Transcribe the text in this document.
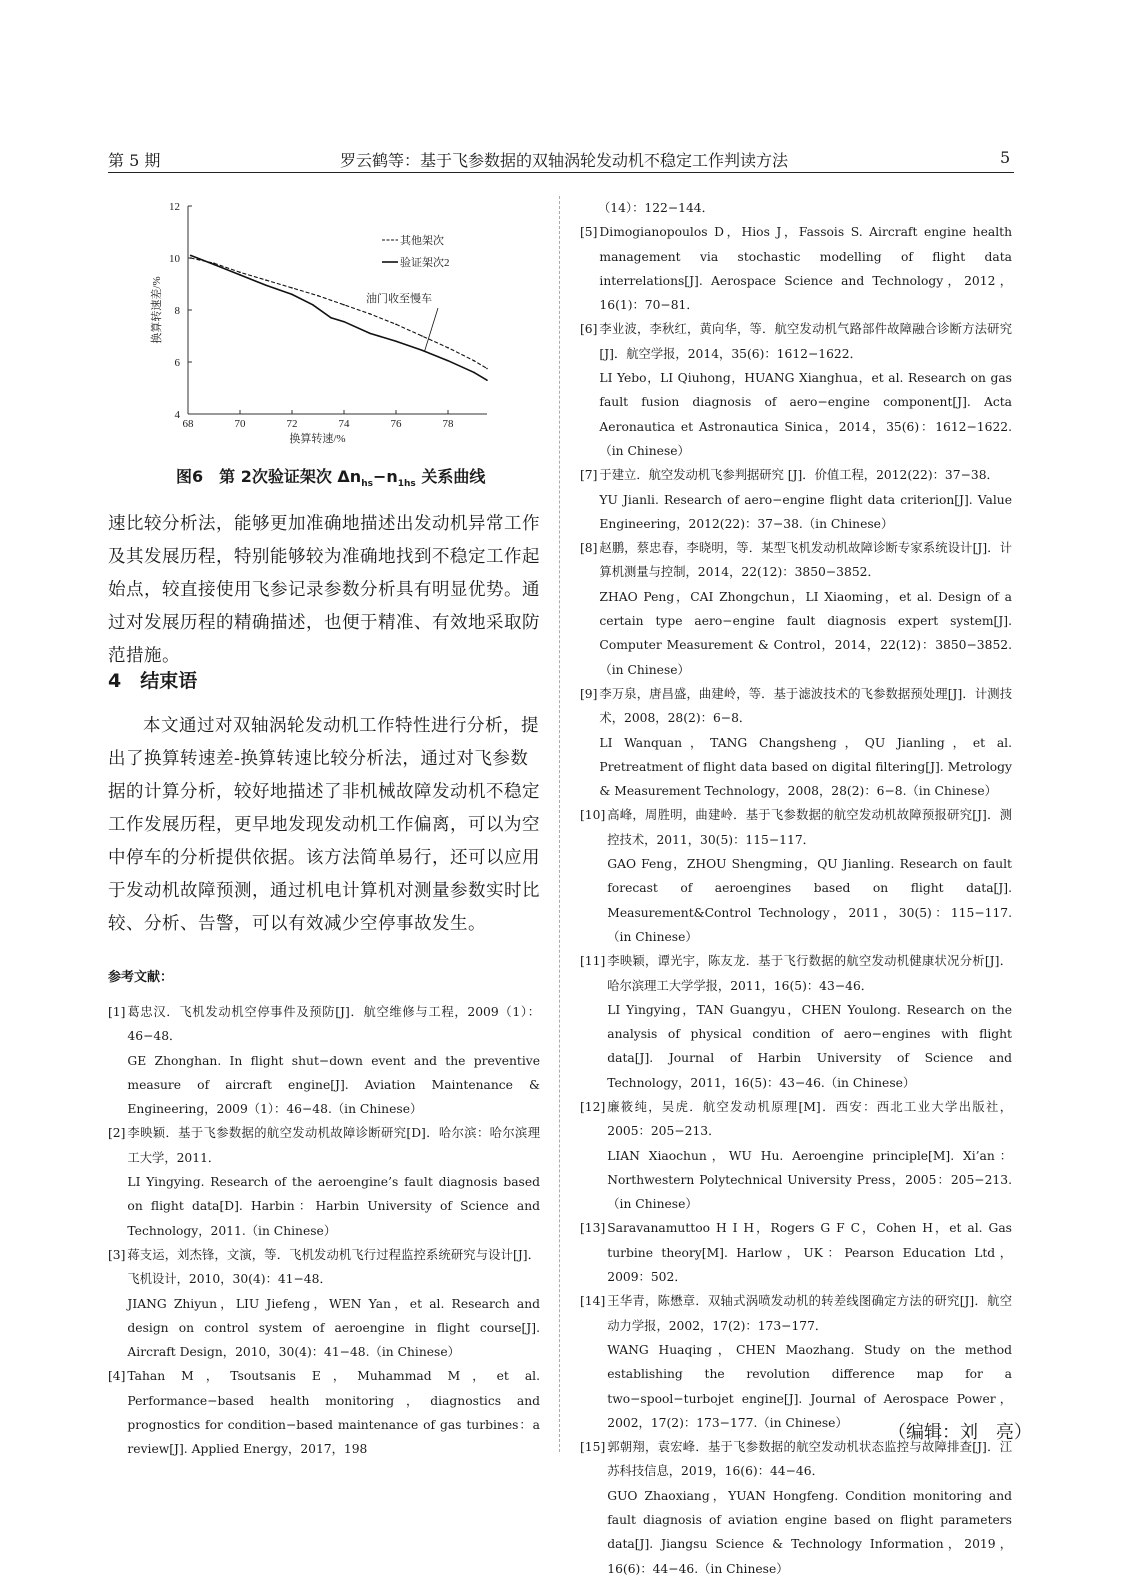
第 5 期	罗云鹤等：基于飞参数据的双轴涡轮发动机不稳定工作判读方法	5
68	70	72	74	76	78
4
6
8
10
12
换算转速/%
换算转速差/%
其他架次
验证架次2
油门收至慢车
图6　第 2次验证架次 $\Delta n_{hs}-n_{1hs}$ 关系曲线
速比较分析法，能够更加准确地描述出发动机异常工作及其发展历程，特别能够较为准确地找到不稳定工作起始点，较直接使用飞参记录参数分析具有明显优势。通过对发展历程的精确描述，也便于精准、有效地采取防范措施。
4　结束语
本文通过对双轴涡轮发动机工作特性进行分析，提出了换算转速差-换算转速比较分析法，通过对飞参数据的计算分析，较好地描述了非机械故障发动机不稳定工作发展历程，更早地发现发动机工作偏离，可以为空中停车的分析提供依据。该方法简单易行，还可以应用于发动机故障预测，通过机电计算机对测量参数实时比较、分析、告警，可以有效减少空停事故发生。
参考文献：
[1] 葛忠汉．飞机发动机空停事件及预防[J]．航空维修与工程，2009（1）：46−48．
GE Zhonghan. In flight shut−down event and the preventive measure of aircraft engine[J]. Aviation Maintenance & Engineering，2009（1）：46−48.（in Chinese）
[2] 李映颖．基于飞参数据的航空发动机故障诊断研究[D]．哈尔滨：哈尔滨理工大学，2011．
LI Yingying. Research of the aeroengine’s fault diagnosis based on flight data[D]. Harbin：Harbin University of Science and Technology，2011.（in Chinese）
[3] 蒋支运，刘杰锋，文演，等．飞机发动机飞行过程监控系统研究与设计[J]．飞机设计，2010，30(4)：41−48．
JIANG Zhiyun，LIU Jiefeng，WEN Yan，et al. Research and design on control system of aeroengine in flight course[J]. Aircraft Design，2010，30(4)：41−48.（in Chinese）
[4] Tahan M，Tsoutsanis E，Muhammad M，et al. Performance−based health monitoring，diagnostics and prognostics for condition−based maintenance of gas turbines：a review[J]. Applied Energy，2017，198
（14）：122−144．
[5] Dimogianopoulos D，Hios J，Fassois S. Aircraft engine health management via stochastic modelling of flight data interrelations[J]. Aerospace Science and Technology，2012，16(1)：70−81．
[6] 李业波，李秋红，黄向华，等．航空发动机气路部件故障融合诊断方法研究[J]．航空学报，2014，35(6)：1612−1622．
LI Yebo，LI Qiuhong，HUANG Xianghua，et al. Research on gas fault fusion diagnosis of aero−engine component[J]. Acta Aeronautica et Astronautica Sinica，2014，35(6)：1612−1622.（in Chinese）
[7] 于建立．航空发动机飞参判据研究 [J]．价值工程，2012(22)：37−38．
YU Jianli. Research of aero−engine flight data criterion[J]. Value Engineering，2012(22)：37−38.（in Chinese）
[8] 赵鹏，蔡忠春，李晓明，等．某型飞机发动机故障诊断专家系统设计[J]．计算机测量与控制，2014，22(12)：3850−3852．
ZHAO Peng，CAI Zhongchun，LI Xiaoming，et al. Design of a certain type aero−engine fault diagnosis expert system[J]. Computer Measurement & Control，2014，22(12)：3850−3852.（in Chinese）
[9] 李万泉，唐昌盛，曲建岭，等．基于滤波技术的飞参数据预处理[J]．计测技术，2008，28(2)：6−8．
LI Wanquan，TANG Changsheng，QU Jianling，et al. Pretreatment of flight data based on digital filtering[J]. Metrology & Measurement Technology，2008，28(2)：6−8.（in Chinese）
[10] 高峰，周胜明，曲建岭．基于飞参数据的航空发动机故障预报研究[J]．测控技术，2011，30(5)：115−117．
GAO Feng，ZHOU Shengming，QU Jianling. Research on fault forecast of aeroengines based on flight data[J]. Measurement&Control Technology，2011，30(5)：115−117.（in Chinese）
[11] 李映颖，谭光宇，陈友龙．基于飞行数据的航空发动机健康状况分析[J]．哈尔滨理工大学学报，2011，16(5)：43−46．
LI Yingying，TAN Guangyu，CHEN Youlong. Research on the analysis of physical condition of aero−engines with flight data[J]. Journal of Harbin University of Science and Technology，2011，16(5)：43−46.（in Chinese）
[12] 廉筱纯，吴虎．航空发动机原理[M]．西安：西北工业大学出版社，2005：205−213．
LIAN Xiaochun，WU Hu. Aeroengine principle[M]. Xi’an：Northwestern Polytechnical University Press，2005：205−213.（in Chinese）
[13] Saravanamuttoo H I H，Rogers G F C，Cohen H，et al. Gas turbine theory[M]. Harlow，UK：Pearson Education Ltd，2009：502．
[14] 王华青，陈懋章．双轴式涡喷发动机的转差线图确定方法的研究[J]．航空动力学报，2002，17(2)：173−177．
WANG Huaqing，CHEN Maozhang. Study on the method establishing the revolution difference map for a two−spool−turbojet engine[J]. Journal of Aerospace Power，2002，17(2)：173−177.（in Chinese）
[15] 郭朝翔，袁宏峰．基于飞参数据的航空发动机状态监控与故障排查[J]．江苏科技信息，2019，16(6)：44−46．
GUO Zhaoxiang，YUAN Hongfeng. Condition monitoring and fault diagnosis of aviation engine based on flight parameters data[J]. Jiangsu Science & Technology Information，2019，16(6)：44−46.（in Chinese）
（编辑：刘　亮）
